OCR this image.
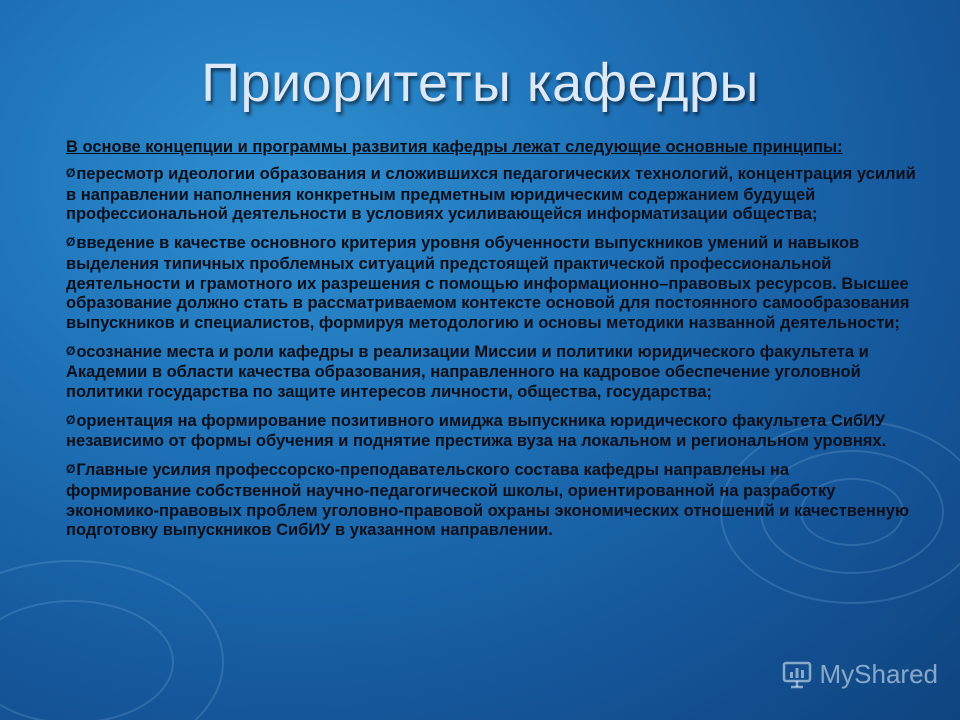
Приоритеты кафедры
В основе концепции и программы развития кафедры лежат следующие основные принципы:
Øпересмотр идеологии образования и сложившихся педагогических технологий, концентрация усилий в направлении наполнения конкретным предметным юридическим содержанием будущей профессиональной деятельности в условиях усиливающейся информатизации общества;
Øвведение в качестве основного критерия уровня обученности выпускников умений и навыков выделения типичных проблемных ситуаций предстоящей практической профессиональной деятельности и грамотного их разрешения с помощью информационно–правовых ресурсов. Высшее образование должно стать в рассматриваемом контексте основой для постоянного самообразования выпускников и специалистов, формируя методологию и основы методики названной деятельности;
Øосознание места и роли кафедры в реализации Миссии и политики юридического факультета и Академии в области качества образования, направленного на кадровое обеспечение уголовной политики государства по защите интересов личности, общества, государства;
Øориентация на формирование позитивного имиджа выпускника юридического факультета СибИУ независимо от формы обучения и поднятие престижа вуза на локальном и региональном уровнях.
ØГлавные усилия профессорско-преподавательского состава кафедры направлены на формирование собственной научно-педагогической школы, ориентированной на разработку экономико-правовых проблем уголовно-правовой охраны экономических отношений и качественную подготовку выпускников СибИУ в указанном направлении.
MyShared
